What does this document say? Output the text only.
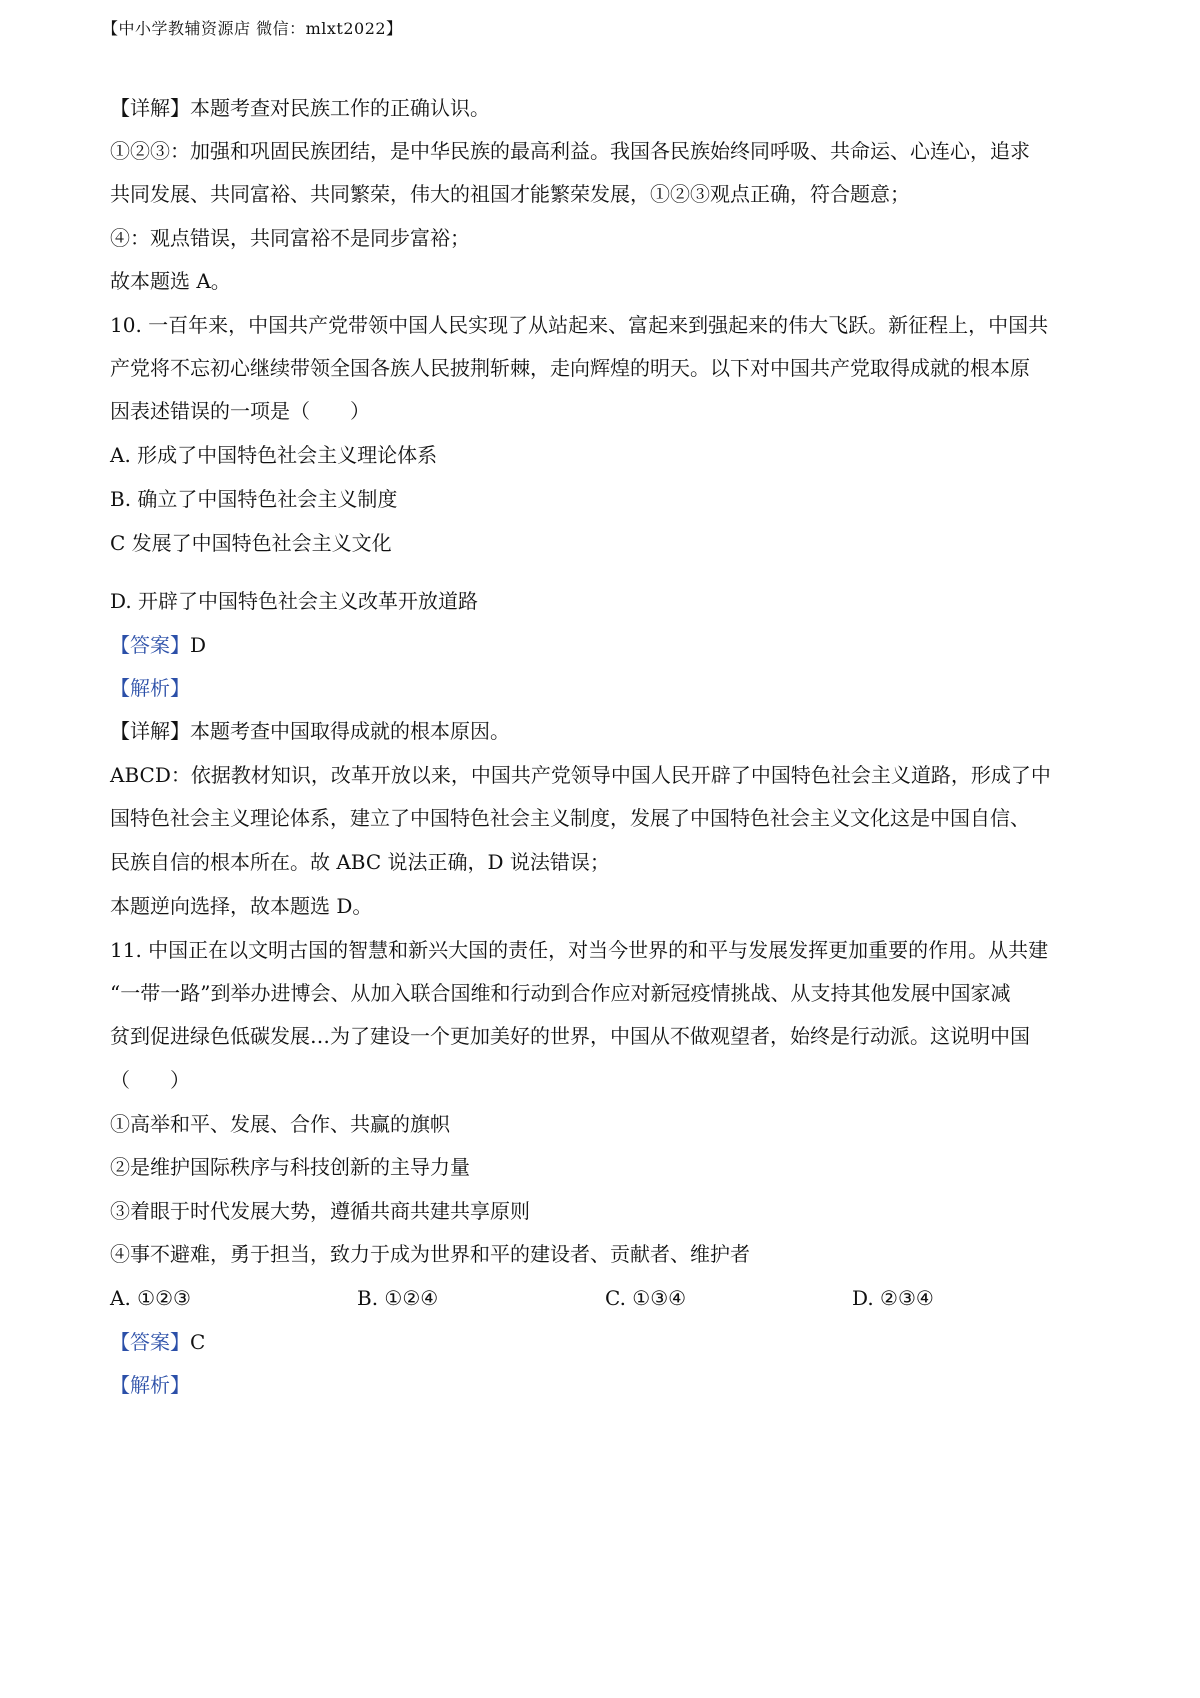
【中小学教辅资源店 微信：mlxt2022】
【详解】本题考查对民族工作的正确认识。
①②③：加强和巩固民族团结，是中华民族的最高利益。我国各民族始终同呼吸、共命运、心连心，追求
共同发展、共同富裕、共同繁荣，伟大的祖国才能繁荣发展，①②③观点正确，符合题意；
④：观点错误，共同富裕不是同步富裕；
故本题选 A。
10. 一百年来，中国共产党带领中国人民实现了从站起来、富起来到强起来的伟大飞跃。新征程上，中国共
产党将不忘初心继续带领全国各族人民披荆斩棘，走向辉煌的明天。以下对中国共产党取得成就的根本原
因表述错误的一项是（　　）
A. 形成了中国特色社会主义理论体系
B. 确立了中国特色社会主义制度
C 发展了中国特色社会主义文化
D. 开辟了中国特色社会主义改革开放道路
【答案】D
【解析】
【详解】本题考查中国取得成就的根本原因。
ABCD：依据教材知识，改革开放以来，中国共产党领导中国人民开辟了中国特色社会主义道路，形成了中
国特色社会主义理论体系，建立了中国特色社会主义制度，发展了中国特色社会主义文化这是中国自信、
民族自信的根本所在。故 ABC 说法正确，D 说法错误；
本题逆向选择，故本题选 D。
11. 中国正在以文明古国的智慧和新兴大国的责任，对当今世界的和平与发展发挥更加重要的作用。从共建
“一带一路”到举办进博会、从加入联合国维和行动到合作应对新冠疫情挑战、从支持其他发展中国家减
贫到促进绿色低碳发展…为了建设一个更加美好的世界，中国从不做观望者，始终是行动派。这说明中国
（　　）
①高举和平、发展、合作、共赢的旗帜
②是维护国际秩序与科技创新的主导力量
③着眼于时代发展大势，遵循共商共建共享原则
④事不避难，勇于担当，致力于成为世界和平的建设者、贡献者、维护者
A. ①②③	B. ①②④	C. ①③④	D. ②③④
【答案】C
【解析】
